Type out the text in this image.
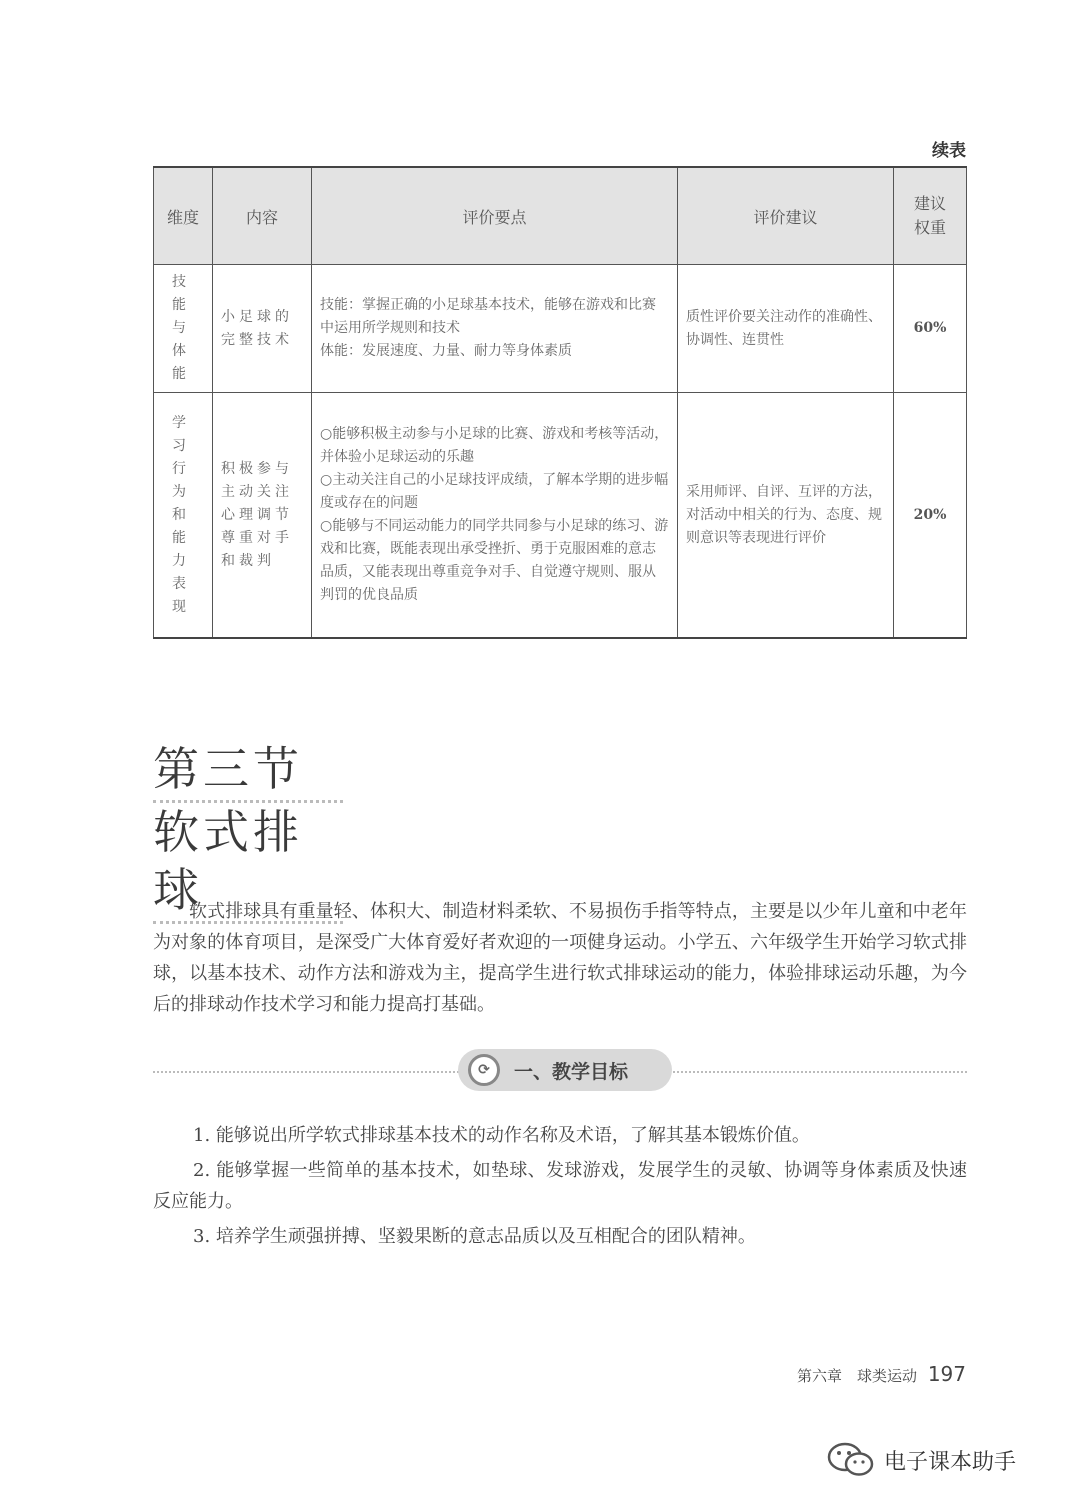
续表
维度	内容	评价要点	评价建议	建议
权重
技能与体能	小足球的完整技术	技能：掌握正确的小足球基本技术，能够在游戏和比赛中运用所学规则和技术
体能：发展速度、力量、耐力等身体素质	质性评价要关注动作的准确性、协调性、连贯性	60%
学习行为和能力表现	积极参与主动关注心理调节尊重对手和裁判	○能够积极主动参与小足球的比赛、游戏和考核等活动，并体验小足球运动的乐趣
○主动关注自己的小足球技评成绩，了解本学期的进步幅度或存在的问题
○能够与不同运动能力的同学共同参与小足球的练习、游戏和比赛，既能表现出承受挫折、勇于克服困难的意志品质，又能表现出尊重竞争对手、自觉遵守规则、服从判罚的优良品质	采用师评、自评、互评的方法，对活动中相关的行为、态度、规则意识等表现进行评价	20%
第三节
软式排球

软式排球具有重量轻、体积大、制造材料柔软、不易损伤手指等特点，主要是以少年儿童和中老年为对象的体育项目，是深受广大体育爱好者欢迎的一项健身运动。小学五、六年级学生开始学习软式排球，以基本技术、动作方法和游戏为主，提高学生进行软式排球运动的能力，体验排球运动乐趣，为今后的排球动作技术学习和能力提高打基础。

⟳	一、教学目标

1. 能够说出所学软式排球基本技术的动作名称及术语，了解其基本锻炼价值。

2. 能够掌握一些简单的基本技术，如垫球、发球游戏，发展学生的灵敏、协调等身体素质及快速反应能力。

3. 培养学生顽强拼搏、坚毅果断的意志品质以及互相配合的团队精神。

第六章　球类运动 197
电子课本助手
